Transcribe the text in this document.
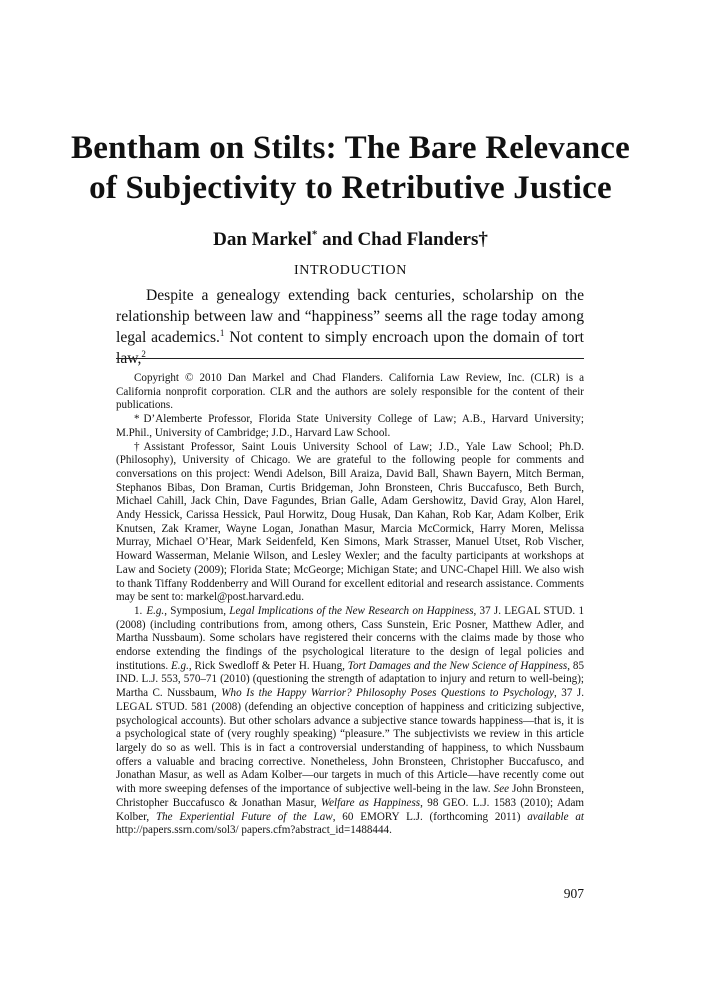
Bentham on Stilts: The Bare Relevance
of Subjectivity to Retributive Justice
Dan Markel* and Chad Flanders†
INTRODUCTION

Despite a genealogy extending back centuries, scholarship on the relationship between law and “happiness” seems all the rage today among legal academics.$^1$ Not content to simply encroach upon the domain of tort law,$^2$

Copyright © 2010 Dan Markel and Chad Flanders. California Law Review, Inc. (CLR) is a California nonprofit corporation. CLR and the authors are solely responsible for the content of their publications.

* D’Alemberte Professor, Florida State University College of Law; A.B., Harvard University; M.Phil., University of Cambridge; J.D., Harvard Law School.

† Assistant Professor, Saint Louis University School of Law; J.D., Yale Law School; Ph.D. (Philosophy), University of Chicago. We are grateful to the following people for comments and conversations on this project: Wendi Adelson, Bill Araiza, David Ball, Shawn Bayern, Mitch Berman, Stephanos Bibas, Don Braman, Curtis Bridgeman, John Bronsteen, Chris Buccafusco, Beth Burch, Michael Cahill, Jack Chin, Dave Fagundes, Brian Galle, Adam Gershowitz, David Gray, Alon Harel, Andy Hessick, Carissa Hessick, Paul Horwitz, Doug Husak, Dan Kahan, Rob Kar, Adam Kolber, Erik Knutsen, Zak Kramer, Wayne Logan, Jonathan Masur, Marcia McCormick, Harry Moren, Melissa Murray, Michael O’Hear, Mark Seidenfeld, Ken Simons, Mark Strasser, Manuel Utset, Rob Vischer, Howard Wasserman, Melanie Wilson, and Lesley Wexler; and the faculty participants at workshops at Law and Society (2009); Florida State; McGeorge; Michigan State; and UNC-Chapel Hill. We also wish to thank Tiffany Roddenberry and Will Ourand for excellent editorial and research assistance. Comments may be sent to: markel@post.harvard.edu.

1. E.g., Symposium, Legal Implications of the New Research on Happiness, 37 J. LEGAL STUD. 1 (2008) (including contributions from, among others, Cass Sunstein, Eric Posner, Matthew Adler, and Martha Nussbaum). Some scholars have registered their concerns with the claims made by those who endorse extending the findings of the psychological literature to the design of legal policies and institutions. E.g., Rick Swedloff & Peter H. Huang, Tort Damages and the New Science of Happiness, 85 IND. L.J. 553, 570–71 (2010) (questioning the strength of adaptation to injury and return to well-being); Martha C. Nussbaum, Who Is the Happy Warrior? Philosophy Poses Questions to Psychology, 37 J. LEGAL STUD. 581 (2008) (defending an objective conception of happiness and criticizing subjective, psychological accounts). But other scholars advance a subjective stance towards happiness—that is, it is a psychological state of (very roughly speaking) “pleasure.” The subjectivists we review in this article largely do so as well. This is in fact a controversial understanding of happiness, to which Nussbaum offers a valuable and bracing corrective. Nonetheless, John Bronsteen, Christopher Buccafusco, and Jonathan Masur, as well as Adam Kolber—our targets in much of this Article—have recently come out with more sweeping defenses of the importance of subjective well-being in the law. See John Bronsteen, Christopher Buccafusco & Jonathan Masur, Welfare as Happiness, 98 GEO. L.J. 1583 (2010); Adam Kolber, The Experiential Future of the Law, 60 EMORY L.J. (forthcoming 2011) available at http://papers.ssrn.com/sol3/ papers.cfm?abstract_id=1488444.

907
